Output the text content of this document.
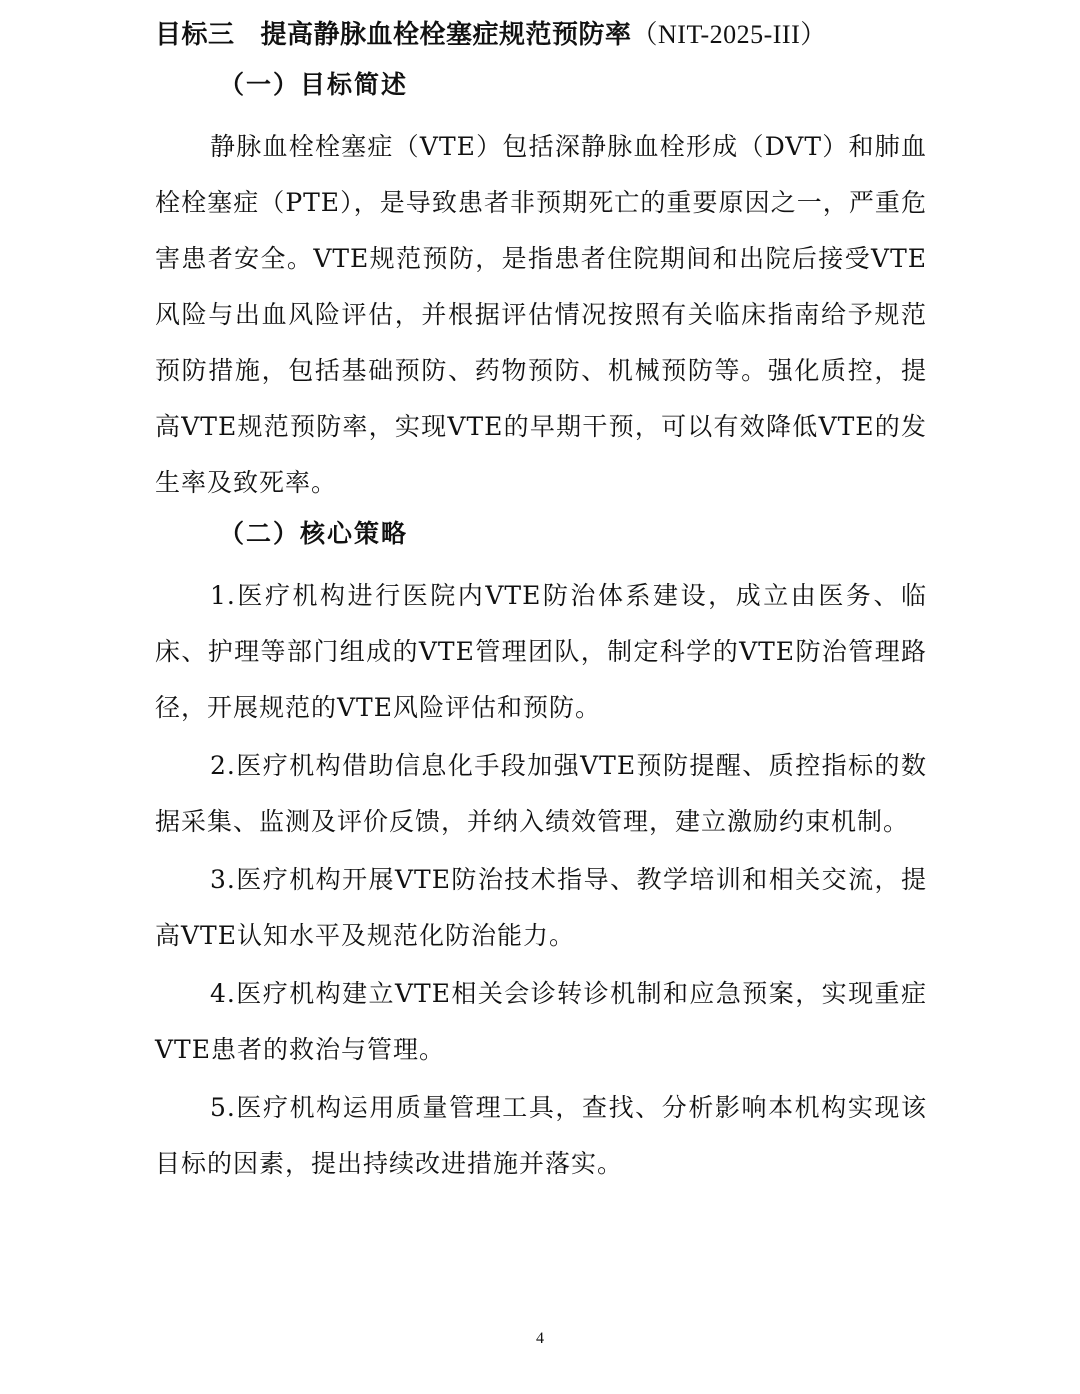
目标三 提高静脉血栓栓塞症规范预防率（NIT-2025-III）
（一）目标简述

静脉血栓栓塞症（VTE）包括深静脉血栓形成（DVT）和肺血栓栓塞症（PTE），是导致患者非预期死亡的重要原因之一，严重危害患者安全。VTE规范预防，是指患者住院期间和出院后接受VTE风险与出血风险评估，并根据评估情况按照有关临床指南给予规范预防措施，包括基础预防、药物预防、机械预防等。强化质控，提高VTE规范预防率，实现VTE的早期干预，可以有效降低VTE的发生率及致死率。

（二）核心策略

1.医疗机构进行医院内VTE防治体系建设，成立由医务、临床、护理等部门组成的VTE管理团队，制定科学的VTE防治管理路径，开展规范的VTE风险评估和预防。

2.医疗机构借助信息化手段加强VTE预防提醒、质控指标的数据采集、监测及评价反馈，并纳入绩效管理，建立激励约束机制。

3.医疗机构开展VTE防治技术指导、教学培训和相关交流，提高VTE认知水平及规范化防治能力。

4.医疗机构建立VTE相关会诊转诊机制和应急预案，实现重症VTE患者的救治与管理。

5.医疗机构运用质量管理工具，查找、分析影响本机构实现该目标的因素，提出持续改进措施并落实。

4
